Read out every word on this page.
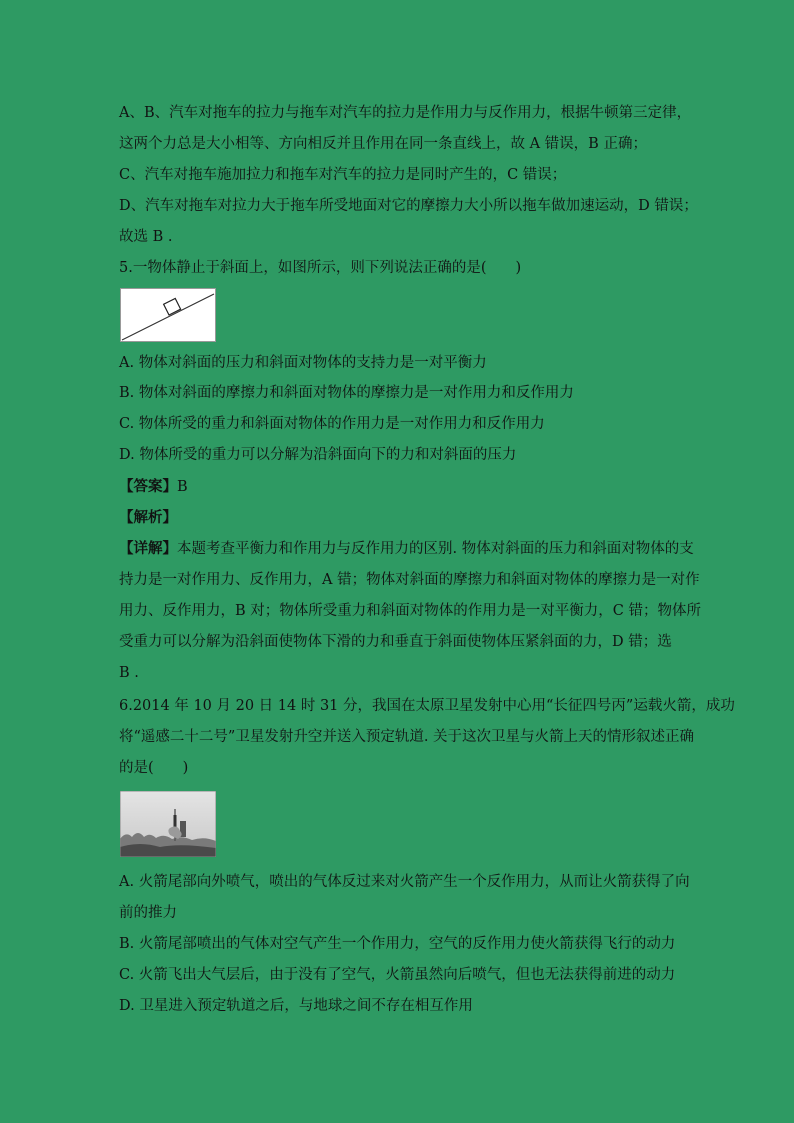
A、B、汽车对拖车的拉力与拖车对汽车的拉力是作用力与反作用力，根据牛顿第三定律，
这两个力总是大小相等、方向相反并且作用在同一条直线上，故 A 错误，B 正确；
C、汽车对拖车施加拉力和拖车对汽车的拉力是同时产生的，C 错误；
D、汽车对拖车对拉力大于拖车所受地面对它的摩擦力大小所以拖车做加速运动，D 错误；
故选 B .
5.一物体静止于斜面上，如图所示，则下列说法正确的是(　　)
A. 物体对斜面的压力和斜面对物体的支持力是一对平衡力
B. 物体对斜面的摩擦力和斜面对物体的摩擦力是一对作用力和反作用力
C. 物体所受的重力和斜面对物体的作用力是一对作用力和反作用力
D. 物体所受的重力可以分解为沿斜面向下的力和对斜面的压力
【答案】B
【解析】
【详解】本题考查平衡力和作用力与反作用力的区别. 物体对斜面的压力和斜面对物体的支
持力是一对作用力、反作用力，A 错；物体对斜面的摩擦力和斜面对物体的摩擦力是一对作
用力、反作用力，B 对；物体所受重力和斜面对物体的作用力是一对平衡力，C 错；物体所
受重力可以分解为沿斜面使物体下滑的力和垂直于斜面使物体压紧斜面的力，D 错；选
B .
6.2014 年 10 月 20 日 14 时 31 分，我国在太原卫星发射中心用“长征四号丙”运载火箭，成功
将“遥感二十二号”卫星发射升空并送入预定轨道. 关于这次卫星与火箭上天的情形叙述正确
的是(　　)
A. 火箭尾部向外喷气，喷出的气体反过来对火箭产生一个反作用力，从而让火箭获得了向
前的推力
B. 火箭尾部喷出的气体对空气产生一个作用力，空气的反作用力使火箭获得飞行的动力
C. 火箭飞出大气层后，由于没有了空气，火箭虽然向后喷气，但也无法获得前进的动力
D. 卫星进入预定轨道之后，与地球之间不存在相互作用
